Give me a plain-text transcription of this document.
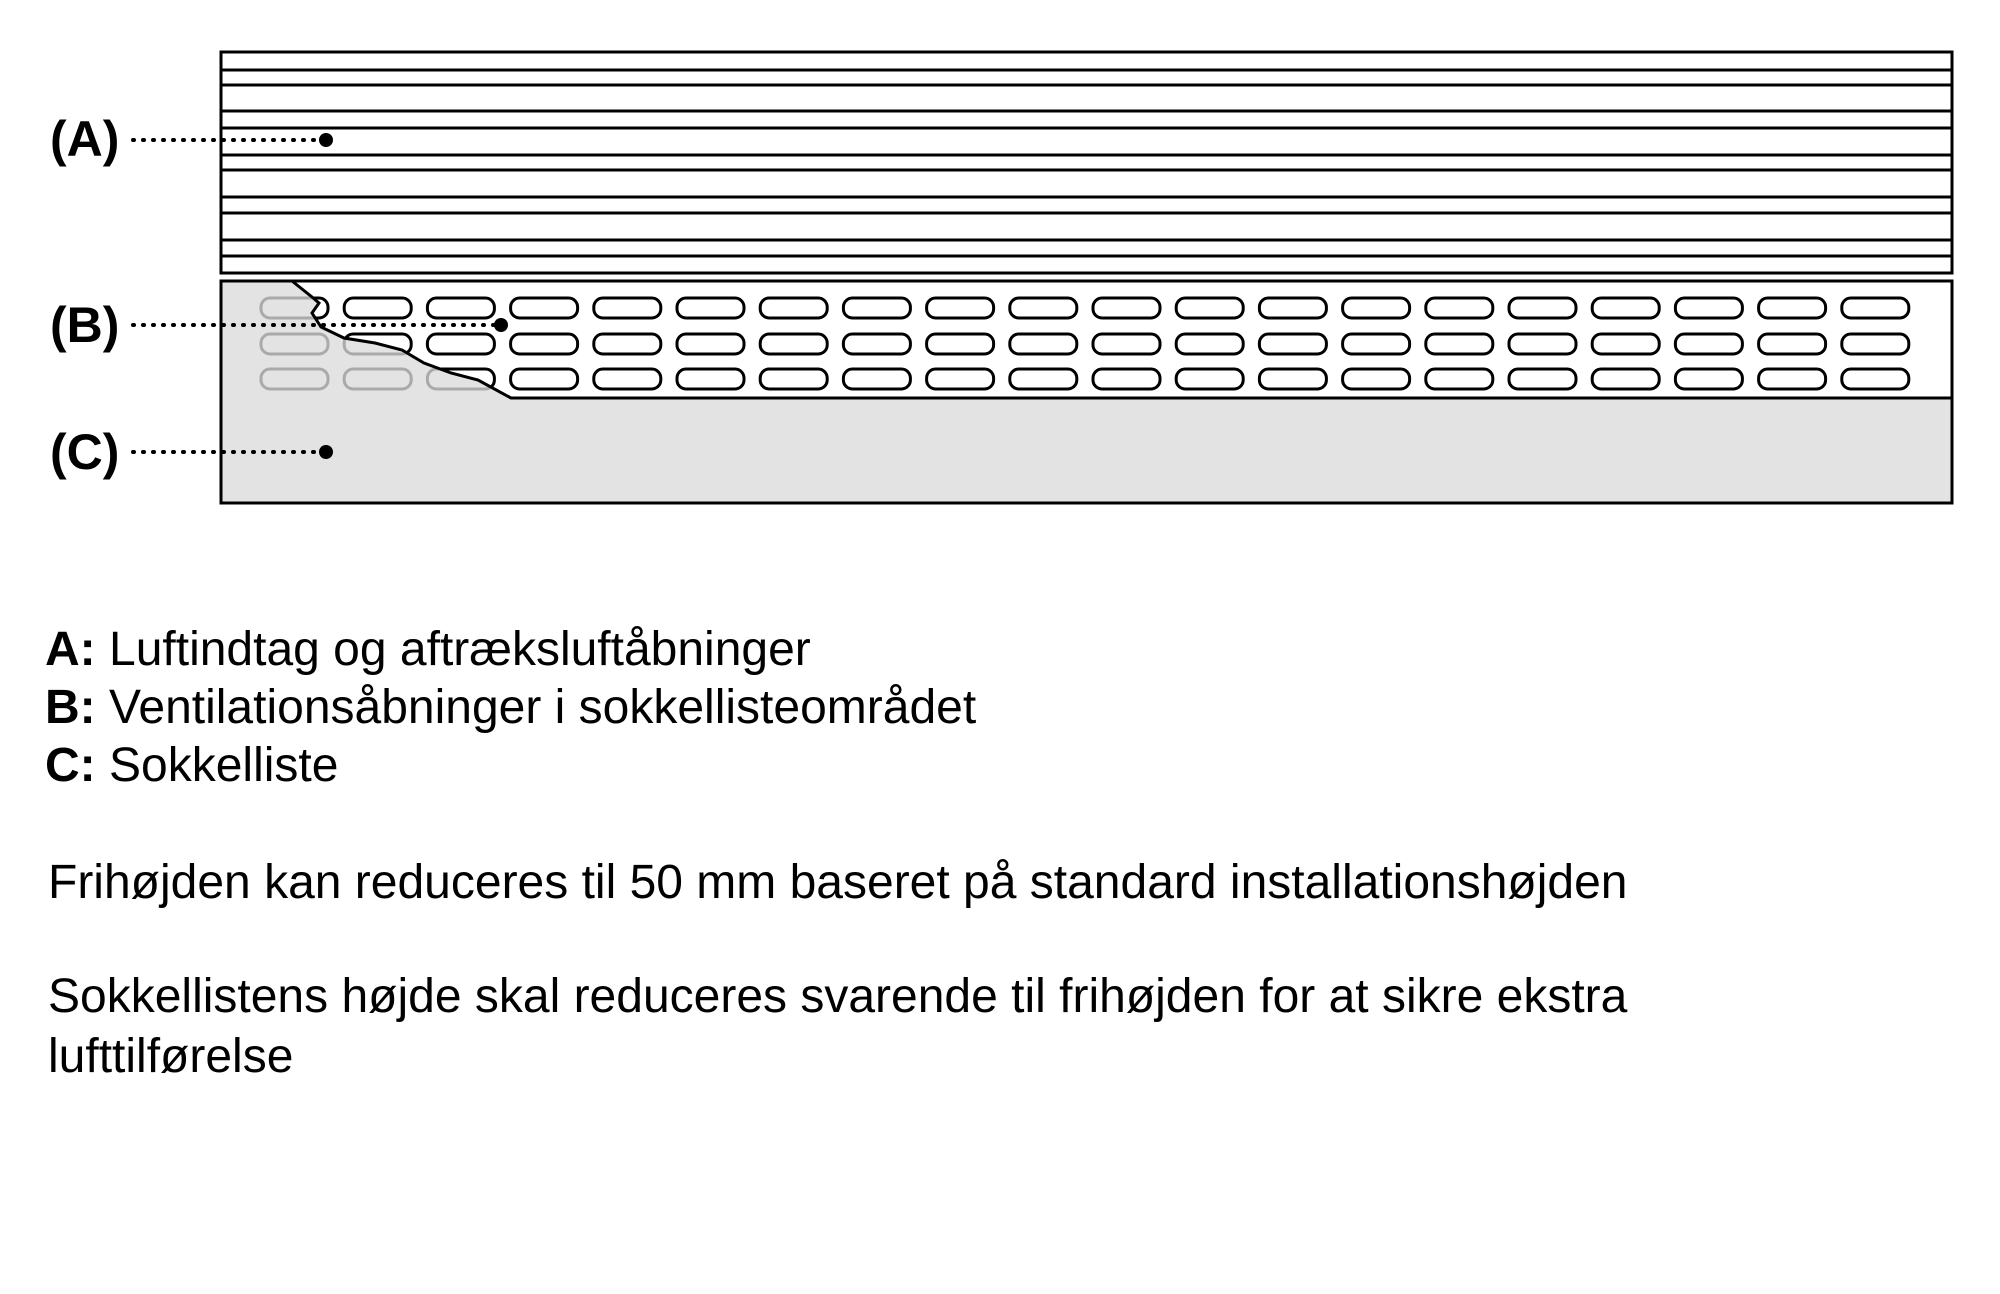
(A)
(B)
(C)
A: Luftindtag og aftræksluftåbninger
B: Ventilationsåbninger i sokkellisteområdet
C: Sokkelliste
Frihøjden kan reduceres til 50 mm baseret på standard installationshøjden
Sokkellistens højde skal reduceres svarende til frihøjden for at sikre ekstra lufttilførelse
